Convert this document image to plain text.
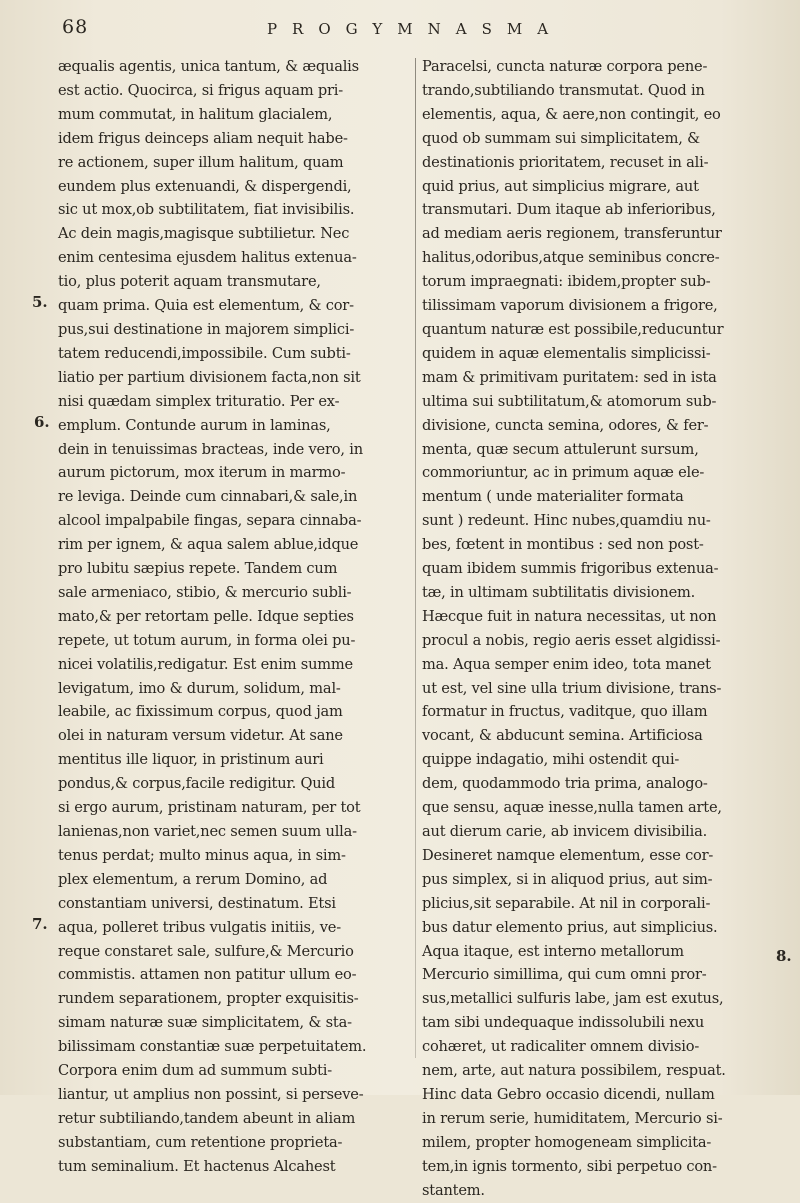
68	PROGYMNASMA
5.
6.
7.
8.
æqualis agentis, unica tantum, & æqualis
est actio. Quocirca, si frigus aquam pri-
mum commutat, in halitum glacialem,
idem frigus deinceps aliam nequit habe-
re actionem, super illum halitum, quam
eundem plus extenuandi, & dispergendi,
sic ut mox,ob subtilitatem, fiat invisibilis.
Ac dein magis,magisque subtilietur. Nec
enim centesima ejusdem halitus extenua-
tio, plus poterit aquam transmutare,
quam prima. Quia est elementum, & cor-
pus,sui destinatione in majorem simplici-
tatem reducendi,impossibile. Cum subti-
liatio per partium divisionem facta,non sit
nisi quædam simplex trituratio. Per ex-
emplum. Contunde aurum in laminas,
dein in tenuissimas bracteas, inde vero, in
aurum pictorum, mox iterum in marmo-
re leviga. Deinde cum cinnabari,& sale,in
alcool impalpabile fingas, separa cinnaba-
rim per ignem, & aqua salem ablue,idque
pro lubitu sæpius repete. Tandem cum
sale armeniaco, stibio, & mercurio subli-
mato,& per retortam pelle. Idque septies
repete, ut totum aurum, in forma olei pu-
nicei volatilis,redigatur. Est enim summe
levigatum, imo & durum, solidum, mal-
leabile, ac fixissimum corpus, quod jam
olei in naturam versum videtur. At sane
mentitus ille liquor, in pristinum auri
pondus,& corpus,facile redigitur. Quid
si ergo aurum, pristinam naturam, per tot
lanienas,non variet,nec semen suum ulla-
tenus perdat; multo minus aqua, in sim-
plex elementum, a rerum Domino, ad
constantiam universi, destinatum. Etsi
aqua, polleret tribus vulgatis initiis, ve-
reque constaret sale, sulfure,& Mercurio
commistis. attamen non patitur ullum eo-
rundem separationem, propter exquisitis-
simam naturæ suæ simplicitatem, & sta-
bilissimam constantiæ suæ perpetuitatem.
Corpora enim dum ad summum subti-
liantur, ut amplius non possint, si perseve-
retur subtiliando,tandem abeunt in aliam
substantiam, cum retentione proprieta-
tum seminalium. Et hactenus Alcahest
Paracelsi, cuncta naturæ corpora pene-
trando,subtiliando transmutat. Quod in
elementis, aqua, & aere,non contingit, eo
quod ob summam sui simplicitatem, &
destinationis prioritatem, recuset in ali-
quid prius, aut simplicius migrare, aut
transmutari. Dum itaque ab inferioribus,
ad mediam aeris regionem, transferuntur
halitus,odoribus,atque seminibus concre-
torum impraegnati: ibidem,propter sub-
tilissimam vaporum divisionem a frigore,
quantum naturæ est possibile,reducuntur
quidem in aquæ elementalis simplicissi-
mam & primitivam puritatem: sed in ista
ultima sui subtilitatum,& atomorum sub-
divisione, cuncta semina, odores, & fer-
menta, quæ secum attulerunt sursum,
commoriuntur, ac in primum aquæ ele-
mentum ( unde materialiter formata
sunt ) redeunt. Hinc nubes,quamdiu nu-
bes, fœtent in montibus : sed non post-
quam ibidem summis frigoribus extenua-
tæ, in ultimam subtilitatis divisionem.
Hæcque fuit in natura necessitas, ut non
procul a nobis, regio aeris esset algidissi-
ma. Aqua semper enim ideo, tota manet
ut est, vel sine ulla trium divisione, trans-
formatur in fructus, vaditque, quo illam
vocant, & abducunt semina. Artificiosa
quippe indagatio, mihi ostendit qui-
dem, quodammodo tria prima, analogo-
que sensu, aquæ inesse,nulla tamen arte,
aut dierum carie, ab invicem divisibilia.
Desineret namque elementum, esse cor-
pus simplex, si in aliquod prius, aut sim-
plicius,sit separabile. At nil in corporali-
bus datur elemento prius, aut simplicius.
Aqua itaque, est interno metallorum
Mercurio simillima, qui cum omni pror-
sus,metallici sulfuris labe, jam est exutus,
tam sibi undequaque indissolubili nexu
cohæret, ut radicaliter omnem divisio-
nem, arte, aut natura possibilem, respuat.
Hinc data Gebro occasio dicendi, nullam
in rerum serie, humiditatem, Mercurio si-
milem, propter homogeneam simplicita-
tem,in ignis tormento, sibi perpetuo con-
stantem.
